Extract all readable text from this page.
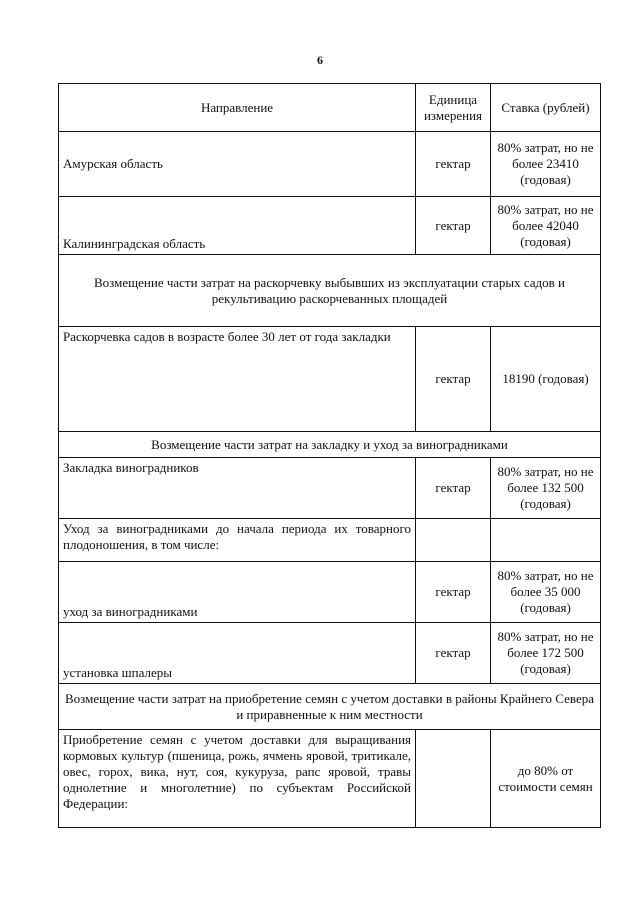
6
Направление	Единица измерения	Ставка (рублей)
Амурская область	гектар	80% затрат, но не более 23410 (годовая)
Калининградская область	гектар	80% затрат, но не более 42040 (годовая)
Возмещение части затрат на раскорчевку выбывших из эксплуатации старых садов и рекультивацию раскорчеванных площадей		
Раскорчевка садов в возрасте более 30 лет от года закладки	гектар	18190 (годовая)
Возмещение части затрат на закладку и уход за виноградниками		
Закладка виноградников	гектар	80% затрат, но не более 132 500 (годовая)
Уход за виноградниками до начала периода их товарного плодоношения, в том числе:		
уход за виноградниками	гектар	80% затрат, но не более 35 000 (годовая)
установка шпалеры	гектар	80% затрат, но не более 172 500 (годовая)
Возмещение части затрат на приобретение семян с учетом доставки в районы Крайнего Севера и приравненные к ним местности		
Приобретение семян с учетом доставки для выращивания кормовых культур (пшеница, рожь, ячмень яровой, тритикале, овес, горох, вика, нут, соя, кукуруза, рапс яровой, травы однолетние и многолетние) по субъектам Российской Федерации:		до 80% от стоимости семян
